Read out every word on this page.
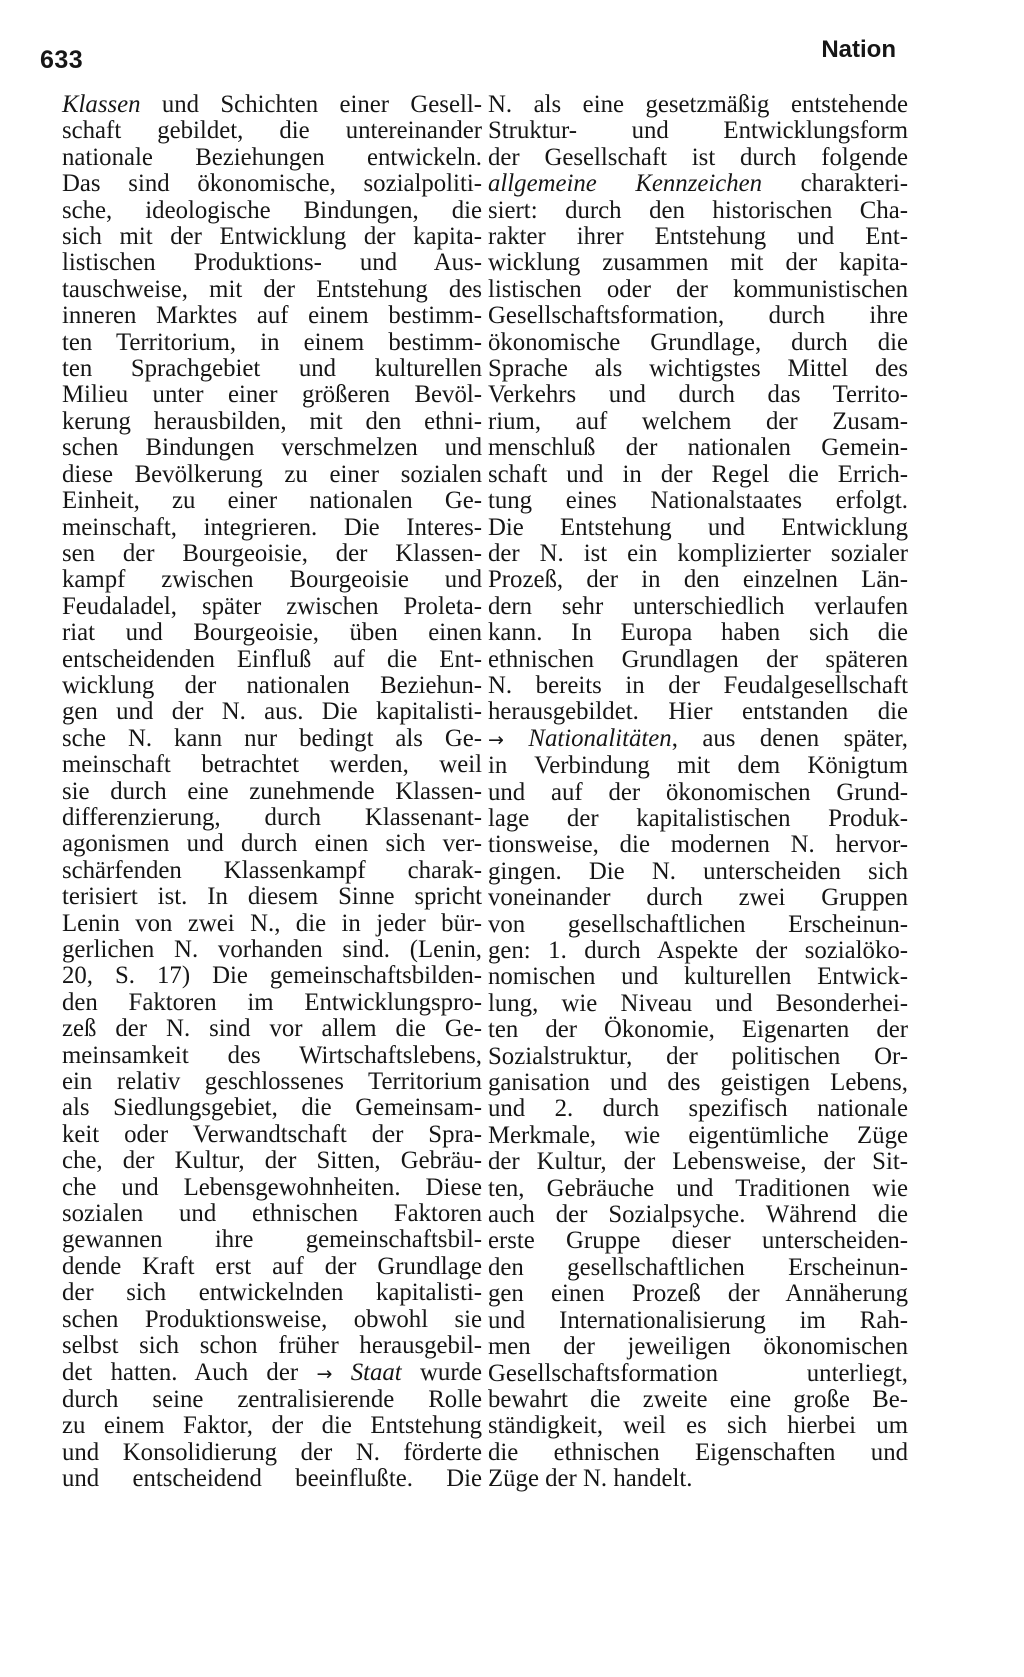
633	Nation
Klassen und Schichten einer Gesell-
schaft gebildet, die untereinander
nationale Beziehungen entwickeln.
Das sind ökonomische, sozialpoliti-
sche, ideologische Bindungen, die
sich mit der Entwicklung der kapita-
listischen Produktions- und Aus-
tauschweise, mit der Entstehung des
inneren Marktes auf einem bestimm-
ten Territorium, in einem bestimm-
ten Sprachgebiet und kulturellen
Milieu unter einer größeren Bevöl-
kerung herausbilden, mit den ethni-
schen Bindungen verschmelzen und
diese Bevölkerung zu einer sozialen
Einheit, zu einer nationalen Ge-
meinschaft, integrieren. Die Interes-
sen der Bourgeoisie, der Klassen-
kampf zwischen Bourgeoisie und
Feudaladel, später zwischen Proleta-
riat und Bourgeoisie, üben einen
entscheidenden Einfluß auf die Ent-
wicklung der nationalen Beziehun-
gen und der N. aus. Die kapitalisti-
sche N. kann nur bedingt als Ge-
meinschaft betrachtet werden, weil
sie durch eine zunehmende Klassen-
differenzierung, durch Klassenant-
agonismen und durch einen sich ver-
schärfenden Klassenkampf charak-
terisiert ist. In diesem Sinne spricht
Lenin von zwei N., die in jeder bür-
gerlichen N. vorhanden sind. (Lenin,
20, S. 17) Die gemeinschaftsbilden-
den Faktoren im Entwicklungspro-
zeß der N. sind vor allem die Ge-
meinsamkeit des Wirtschaftslebens,
ein relativ geschlossenes Territorium
als Siedlungsgebiet, die Gemeinsam-
keit oder Verwandtschaft der Spra-
che, der Kultur, der Sitten, Gebräu-
che und Lebensgewohnheiten. Diese
sozialen und ethnischen Faktoren
gewannen ihre gemeinschaftsbil-
dende Kraft erst auf der Grundlage
der sich entwickelnden kapitalisti-
schen Produktionsweise, obwohl sie
selbst sich schon früher herausgebil-
det hatten. Auch der → Staat wurde
durch seine zentralisierende Rolle
zu einem Faktor, der die Entstehung
und Konsolidierung der N. förderte
und entscheidend beeinflußte. Die
N. als eine gesetzmäßig entstehende
Struktur- und Entwicklungsform
der Gesellschaft ist durch folgende
allgemeine Kennzeichen charakteri-
siert: durch den historischen Cha-
rakter ihrer Entstehung und Ent-
wicklung zusammen mit der kapita-
listischen oder der kommunistischen
Gesellschaftsformation, durch ihre
ökonomische Grundlage, durch die
Sprache als wichtigstes Mittel des
Verkehrs und durch das Territo-
rium, auf welchem der Zusam-
menschluß der nationalen Gemein-
schaft und in der Regel die Errich-
tung eines Nationalstaates erfolgt.
Die Entstehung und Entwicklung
der N. ist ein komplizierter sozialer
Prozeß, der in den einzelnen Län-
dern sehr unterschiedlich verlaufen
kann. In Europa haben sich die
ethnischen Grundlagen der späteren
N. bereits in der Feudalgesellschaft
herausgebildet. Hier entstanden die
→ Nationalitäten, aus denen später,
in Verbindung mit dem Königtum
und auf der ökonomischen Grund-
lage der kapitalistischen Produk-
tionsweise, die modernen N. hervor-
gingen. Die N. unterscheiden sich
voneinander durch zwei Gruppen
von gesellschaftlichen Erscheinun-
gen: 1. durch Aspekte der sozialöko-
nomischen und kulturellen Entwick-
lung, wie Niveau und Besonderhei-
ten der Ökonomie, Eigenarten der
Sozialstruktur, der politischen Or-
ganisation und des geistigen Lebens,
und 2. durch spezifisch nationale
Merkmale, wie eigentümliche Züge
der Kultur, der Lebensweise, der Sit-
ten, Gebräuche und Traditionen wie
auch der Sozialpsyche. Während die
erste Gruppe dieser unterscheiden-
den gesellschaftlichen Erscheinun-
gen einen Prozeß der Annäherung
und Internationalisierung im Rah-
men der jeweiligen ökonomischen
Gesellschaftsformation unterliegt,
bewahrt die zweite eine große Be-
ständigkeit, weil es sich hierbei um
die ethnischen Eigenschaften und
Züge der N. handelt.
